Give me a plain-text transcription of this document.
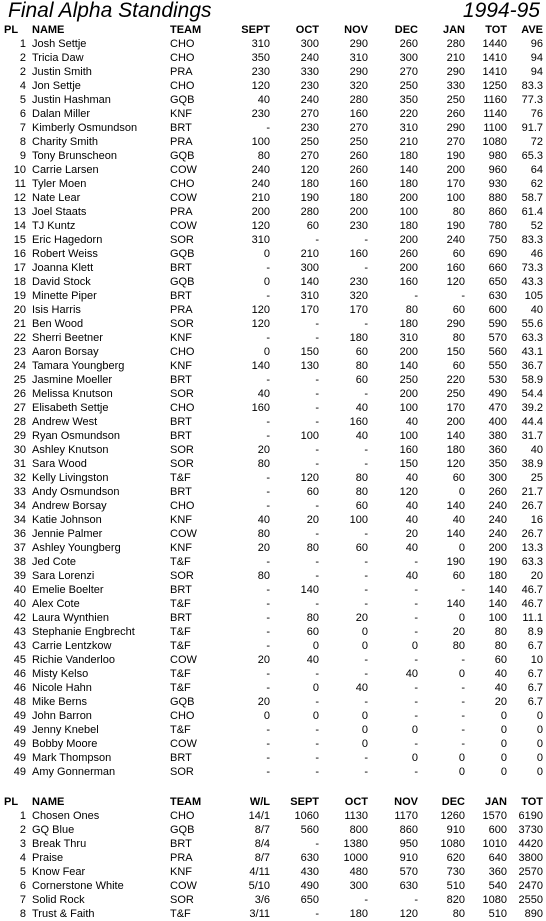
Final Alpha Standings	1994-95
PL		NAME	TEAM	SEPT	OCT	NOV	DEC	JAN	TOT	AVE
1		Josh Settje	CHO	310	300	290	260	280	1440	96
2		Tricia Daw	CHO	350	240	310	300	210	1410	94
2		Justin Smith	PRA	230	330	290	270	290	1410	94
4		Jon Settje	CHO	120	230	320	250	330	1250	83.3
5		Justin Hashman	GQB	40	240	280	350	250	1160	77.3
6		Dalan Miller	KNF	230	270	160	220	260	1140	76
7		Kimberly Osmundson	BRT	-	230	270	310	290	1100	91.7
8		Charity Smith	PRA	100	250	250	210	270	1080	72
9		Tony Brunscheon	GQB	80	270	260	180	190	980	65.3
10		Carrie Larsen	COW	240	120	260	140	200	960	64
11		Tyler Moen	CHO	240	180	160	180	170	930	62
12		Nate Lear	COW	210	190	180	200	100	880	58.7
13		Joel Staats	PRA	200	280	200	100	80	860	61.4
14		TJ Kuntz	COW	120	60	230	180	190	780	52
15		Eric Hagedorn	SOR	310	-	-	200	240	750	83.3
16		Robert Weiss	GQB	0	210	160	260	60	690	46
17		Joanna Klett	BRT	-	300	-	200	160	660	73.3
18		David Stock	GQB	0	140	230	160	120	650	43.3
19		Minette Piper	BRT	-	310	320	-	-	630	105
20		Isis Harris	PRA	120	170	170	80	60	600	40
21		Ben Wood	SOR	120	-	-	180	290	590	55.6
22		Sherri Beetner	KNF	-	-	180	310	80	570	63.3
23		Aaron Borsay	CHO	0	150	60	200	150	560	43.1
24		Tamara Youngberg	KNF	140	130	80	140	60	550	36.7
25		Jasmine Moeller	BRT	-	-	60	250	220	530	58.9
26		Melissa Knutson	SOR	40	-	-	200	250	490	54.4
27		Elisabeth Settje	CHO	160	-	40	100	170	470	39.2
28		Andrew West	BRT	-	-	160	40	200	400	44.4
29		Ryan Osmundson	BRT	-	100	40	100	140	380	31.7
30		Ashley Knutson	SOR	20	-	-	160	180	360	40
31		Sara Wood	SOR	80	-	-	150	120	350	38.9
32		Kelly Livingston	T&F	-	120	80	40	60	300	25
33		Andy Osmundson	BRT	-	60	80	120	0	260	21.7
34		Andrew Borsay	CHO	-	-	60	40	140	240	26.7
34		Katie Johnson	KNF	40	20	100	40	40	240	16
36		Jennie Palmer	COW	80	-	-	20	140	240	26.7
37		Ashley Youngberg	KNF	20	80	60	40	0	200	13.3
38		Jed Cote	T&F	-	-	-	-	190	190	63.3
39		Sara Lorenzi	SOR	80	-	-	40	60	180	20
40		Emelie Boelter	BRT	-	140	-	-	-	140	46.7
40		Alex Cote	T&F	-	-	-	-	140	140	46.7
42		Laura Wynthien	BRT	-	80	20	-	0	100	11.1
43		Stephanie Engbrecht	T&F	-	60	0	-	20	80	8.9
43		Carrie Lentzkow	T&F	-	0	0	0	80	80	6.7
45		Richie Vanderloo	COW	20	40	-	-	-	60	10
46		Misty Kelso	T&F	-	-	-	40	0	40	6.7
46		Nicole Hahn	T&F	-	0	40	-	-	40	6.7
48		Mike Berns	GQB	20	-	-	-	-	20	6.7
49		John Barron	CHO	0	0	0	-	-	0	0
49		Jenny Knebel	T&F	-	-	0	0	-	0	0
49		Bobby Moore	COW	-	-	0	-	-	0	0
49		Mark Thompson	BRT	-	-	-	0	0	0	0
49		Amy Gonnerman	SOR	-	-	-	-	0	0	0
PL		NAME	TEAM	W/L	SEPT	OCT	NOV	DEC	JAN	TOT
1		Chosen Ones	CHO	14/1	1060	1130	1170	1260	1570	6190
2		GQ Blue	GQB	8/7	560	800	860	910	600	3730
3		Break Thru	BRT	8/4	-	1380	950	1080	1010	4420
4		Praise	PRA	8/7	630	1000	910	620	640	3800
5		Know Fear	KNF	4/11	430	480	570	730	360	2570
6		Cornerstone White	COW	5/10	490	300	630	510	540	2470
7		Solid Rock	SOR	3/6	650	-	-	820	1080	2550
8		Trust & Faith	T&F	3/11	-	180	120	80	510	890
